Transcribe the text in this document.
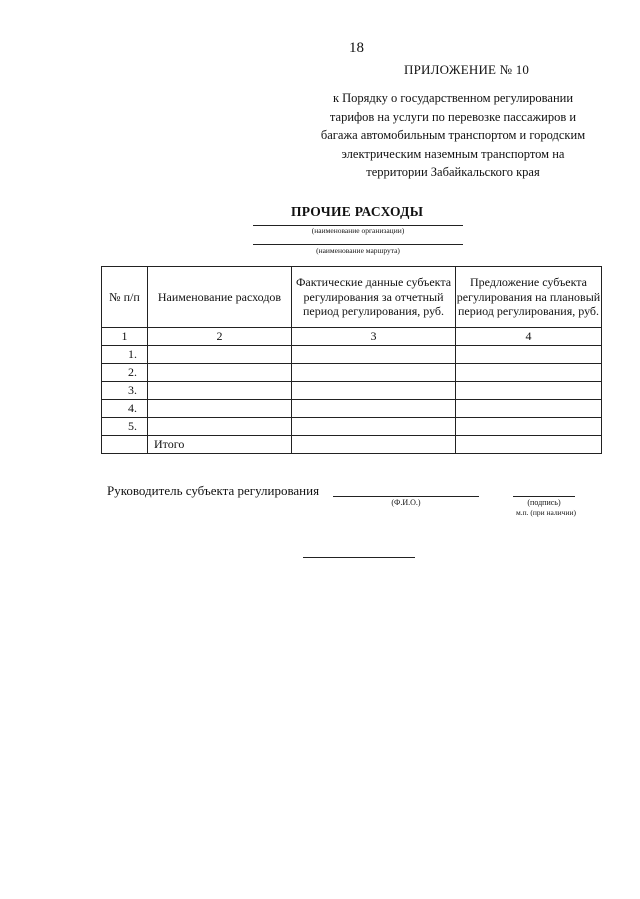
18
ПРИЛОЖЕНИЕ № 10
к Порядку о государственном регулировании
тарифов на услуги по перевозке пассажиров и
багажа автомобильным транспортом и городским
электрическим наземным транспортом на
территории Забайкальского края
ПРОЧИЕ РАСХОДЫ
(наименование организации)
(наименование маршрута)
№ п/п	Наименование расходов	Фактические данные субъекта регулирования за отчетный период регулирования, руб.	Предложение субъекта регулирования на плановый период регулирования, руб.
1	2	3	4
1.			
2.			
3.			
4.			
5.			
	Итого		
Руководитель субъекта регулирования
(Ф.И.О.)	(подпись)
м.п. (при наличии)
